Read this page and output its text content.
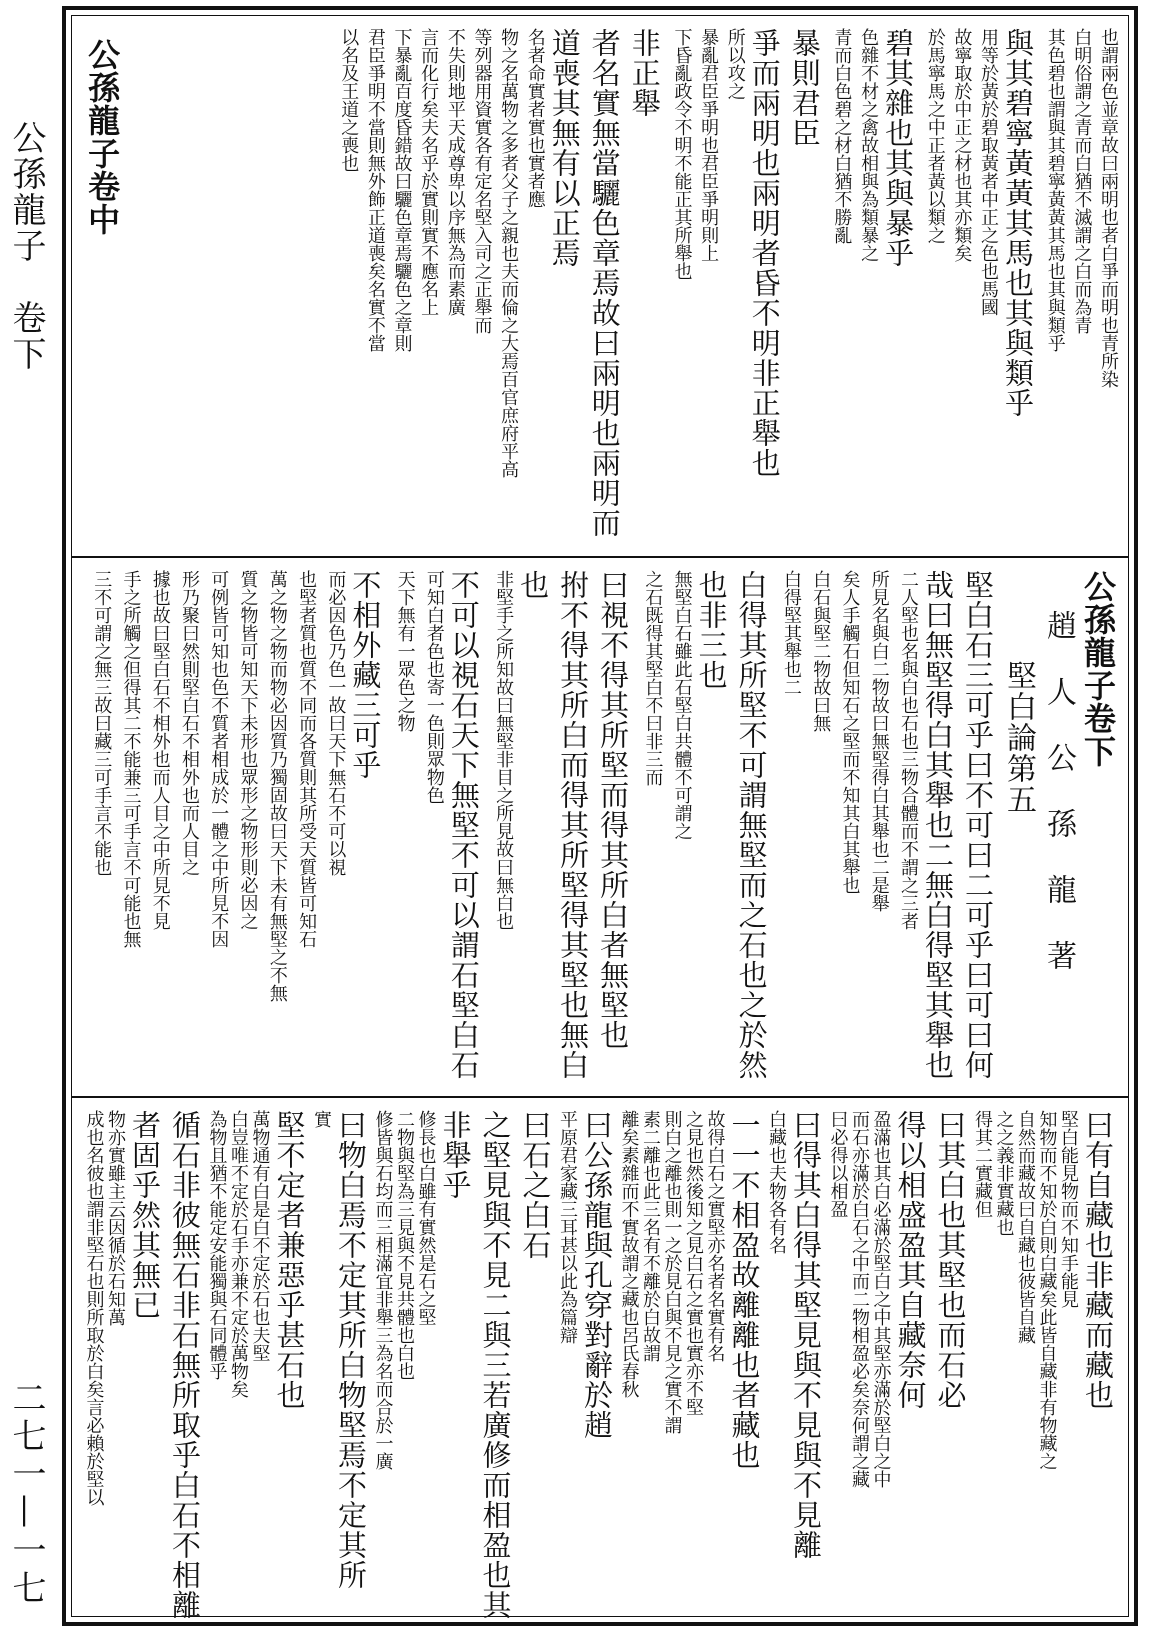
公孫龍子　卷下
二七一—一七
也謂兩色並章故曰兩明也者白爭而明也青所染
白明俗謂之青而白猶不滅謂之白而為青
其色碧也謂與其碧寧黃黃其馬也其與類乎
與其碧寧黃黃其馬也其與類乎
用等於黃於碧取黃者中正之色也馬國
故寧取於中正之材也其亦類矣
於馬寧馬之中正者黃以類之
碧其雜也其與暴乎
色雜不材之禽故相與為類暴之
青而白色碧之材白猶不勝亂
暴則君臣
爭而兩明也兩明者昏不明非正舉也
所以攻之
暴亂君臣爭明也君臣爭明則上
下昏亂政令不明不能正其所舉也
非正舉
者名實無當驪色章焉故曰兩明也兩明而
道喪其無有以正焉
名者命實者實也實者應
物之名萬物之多者父子之親也夫而倫之大焉百官庶府平高
等列器用資實各有定名堅入司之正舉而
不失則地平天成尊卑以序無為而素廣
言而化行矣夫名乎於實則實不應名上
下暴亂百度昏錯故曰驪色章焉驪色之章則
君臣爭明不當則無外飾正道喪矣名實不當
以名及王道之喪也
公孫龍子卷中
公孫龍子卷下
趙人公孫龍著
堅白論第五
堅白石三可乎曰不可曰二可乎曰可曰何
哉曰無堅得白其舉也二無白得堅其舉也
二人堅也名與白也石也三物合體而不謂之三者
所見名與白二物故曰無堅得白其舉也二是舉
矣人手觸石但知石之堅而不知其白其舉也
白石與堅二物故曰無
白得堅其舉也二
白得其所堅不可謂無堅而之石也之於然
也非三也
無堅白石雖此石堅白共體不可謂之
之石既得其堅白不曰非三而
曰視不得其所堅而得其所白者無堅也
拊不得其所白而得其所堅得其堅也無白
也
非堅手之所知故曰無堅非目之所見故曰無白也
不可以視石天下無堅不可以謂石堅白石
可知白者色也寄一色則眾物色
天下無有一眾色之物
不相外藏三可乎
而必因色乃色一故曰天下無石不可以視
也堅者質也質不同而各質則其所受天質皆可知石
萬之物之物而物必因質乃獨固故曰天下未有無堅之不無
質之物皆可知天下未形也眾形之物形則必因之
可例皆可知也色不質者相成於一體之中所見不因
形乃聚曰然則堅白石不相外也而人目之
據也故曰堅白石不相外也而人目之中所見不見
手之所觸之但得其二不能兼三可手言不可能也無
三不可謂之無三故曰藏三可手言不能也
曰有自藏也非藏而藏也
堅白能見物而不知手能見
知物而不知於白則白藏矣此皆自藏非有物藏之
自然而藏故曰自藏也彼皆自藏
之之義非實藏也
得其二實藏但
曰其白也其堅也而石必
得以相盛盈其自藏奈何
盈滿也其白必滿於堅白之中其堅亦滿於堅白之中
而石亦滿於白石之中而二物相盈必矣奈何謂之藏
曰必得以相盈
曰得其白得其堅見與不見與不見離
白藏也夫物各有名
一一不相盈故離離也者藏也
故得白石之實堅亦名者名實有名
之見也然後知之見白石之實也實亦不堅
則白之離也則一之於見白與不見之實不謂
素二離也此三名有不離於白故謂
離矣素雜而不實故謂之藏也呂氏春秋
曰公孫龍與孔穿對辭於趙
平原君家藏三耳甚以此為篇辯
曰石之白石
之堅見與不見二與三若廣修而相盈也其
非舉乎
修長也白雖有實然是石之堅
二物與堅為三見與不見共體也白也
修皆與石均而三相滿宜非舉三為名而合於一廣
曰物白焉不定其所白物堅焉不定其所
實
堅不定者兼惡乎甚石也
萬物通有白是白不定於石也夫堅
白豈唯不定於石手亦兼不定於萬物矣
為物且猶不能定安能獨與石同體乎
循石非彼無石非石無所取乎白石不相離
者固乎然其無已
物亦實雖主云因循於石知萬
成也名彼也謂非堅石也則所取於白矣言必賴於堅以
